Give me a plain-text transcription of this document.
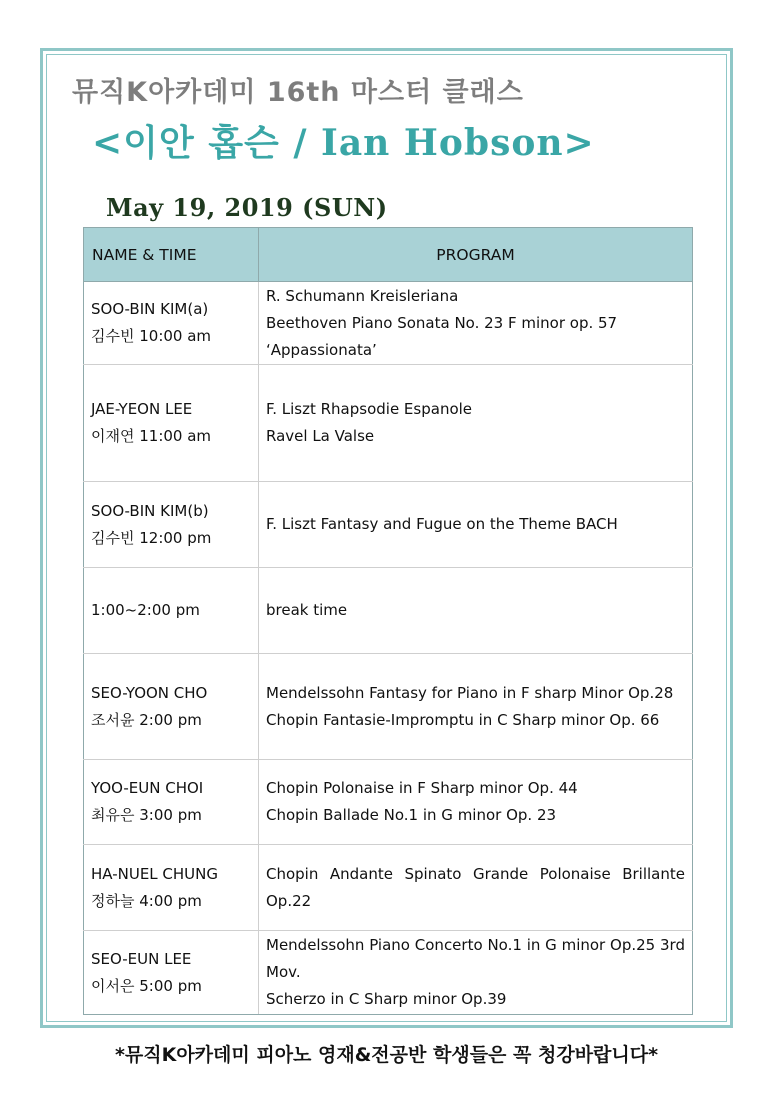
뮤직K아카데미 16th 마스터 클래스
<이안 홉슨 / Ian Hobson>
May 19, 2019 (SUN)
NAME & TIME	PROGRAM

SOO-BIN KIM(a)
김수빈 10:00 am	R. Schumann Kreisleriana
Beethoven Piano Sonata No. 23 F minor op. 57
‘Appassionata’

JAE-YEON LEE
이재연 11:00 am	F. Liszt Rhapsodie Espanole
Ravel La Valse

SOO-BIN KIM(b)
김수빈 12:00 pm	F. Liszt Fantasy and Fugue on the Theme BACH

1:00~2:00 pm	break time

SEO-YOON CHO
조서윤 2:00 pm	Mendelssohn Fantasy for Piano in F sharp Minor Op.28
Chopin Fantasie-Impromptu in C Sharp minor Op. 66

YOO-EUN CHOI
최유은 3:00 pm	Chopin Polonaise in F Sharp minor Op. 44
Chopin Ballade No.1 in G minor Op. 23

HA-NUEL CHUNG
정하늘 4:00 pm	Chopin Andante Spinato Grande Polonaise Brillante Op.22

SEO-EUN LEE
이서은 5:00 pm	Mendelssohn Piano Concerto No.1 in G minor Op.25 3rd Mov.
Scherzo in C Sharp minor Op.39
*뮤직K아카데미 피아노 영재&전공반 학생들은 꼭 청강바랍니다*
